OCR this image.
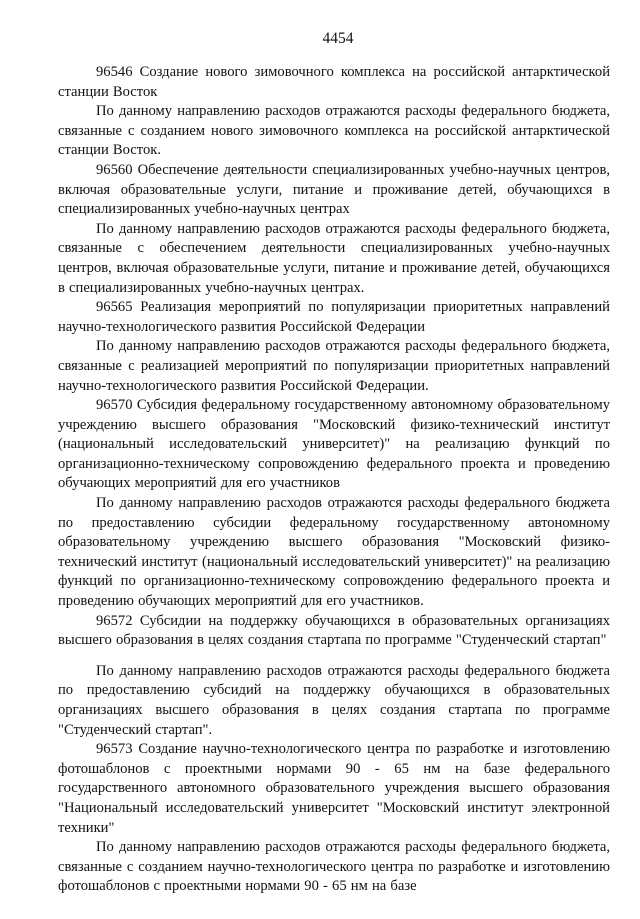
4454

96546 Создание нового зимовочного комплекса на российской антарктической станции Восток

По данному направлению расходов отражаются расходы федерального бюджета, связанные с созданием нового зимовочного комплекса на российской антарктической станции Восток.

96560 Обеспечение деятельности специализированных учебно-научных центров, включая образовательные услуги, питание и проживание детей, обучающихся в специализированных учебно-научных центрах

По данному направлению расходов отражаются расходы федерального бюджета, связанные с обеспечением деятельности специализированных учебно-научных центров, включая образовательные услуги, питание и проживание детей, обучающихся в специализированных учебно-научных центрах.

96565 Реализация мероприятий по популяризации приоритетных направлений научно-технологического развития Российской Федерации

По данному направлению расходов отражаются расходы федерального бюджета, связанные с реализацией мероприятий по популяризации приоритетных направлений научно-технологического развития Российской Федерации.

96570 Субсидия федеральному государственному автономному образовательному учреждению высшего образования "Московский физико-технический институт (национальный исследовательский университет)" на реализацию функций по организационно-техническому сопровождению федерального проекта и проведению обучающих мероприятий для его участников

По данному направлению расходов отражаются расходы федерального бюджета по предоставлению субсидии федеральному государственному автономному образовательному учреждению высшего образования "Московский физико-технический институт (национальный исследовательский университет)" на реализацию функций по организационно-техническому сопровождению федерального проекта и проведению обучающих мероприятий для его участников.

96572 Субсидии на поддержку обучающихся в образовательных организациях высшего образования в целях создания стартапа по программе "Студенческий стартап"

По данному направлению расходов отражаются расходы федерального бюджета по предоставлению субсидий на поддержку обучающихся в образовательных организациях высшего образования в целях создания стартапа по программе "Студенческий стартап".

96573 Создание научно-технологического центра по разработке и изготовлению фотошаблонов с проектными нормами 90 - 65 нм на базе федерального государственного автономного образовательного учреждения высшего образования "Национальный исследовательский университет "Московский институт электронной техники"

По данному направлению расходов отражаются расходы федерального бюджета, связанные с созданием научно-технологического центра по разработке и изготовлению фотошаблонов с проектными нормами 90 - 65 нм на базе
